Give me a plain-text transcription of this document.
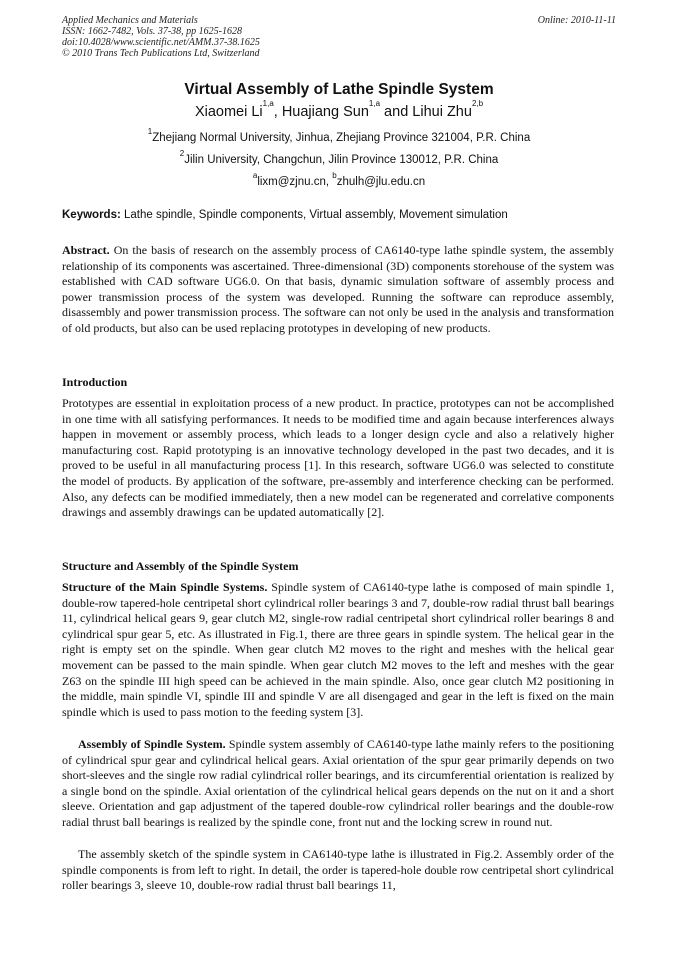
Applied Mechanics and Materials
ISSN: 1662-7482, Vols. 37-38, pp 1625-1628
doi:10.4028/www.scientific.net/AMM.37-38.1625
© 2010 Trans Tech Publications Ltd, Switzerland
Online: 2010-11-11
Virtual Assembly of Lathe Spindle System
Xiaomei Li$^{1,a}$, Huajiang Sun$^{1,a}$ and Lihui Zhu$^{2,b}$
$^1$Zhejiang Normal University, Jinhua, Zhejiang Province 321004, P.R. China
$^2$Jilin University, Changchun, Jilin Province 130012, P.R. China
$^a$lixm@zjnu.cn, $^b$zhulh@jlu.edu.cn
Keywords: Lathe spindle, Spindle components, Virtual assembly, Movement simulation
Abstract. On the basis of research on the assembly process of CA6140-type lathe spindle system, the assembly relationship of its components was ascertained. Three-dimensional (3D) components storehouse of the system was established with CAD software UG6.0. On that basis, dynamic simulation software of assembly process and power transmission process of the system was developed. Running the software can reproduce assembly, disassembly and power transmission process. The software can not only be used in the analysis and transformation of old products, but also can be used replacing prototypes in developing of new products.
Introduction
Prototypes are essential in exploitation process of a new product. In practice, prototypes can not be accomplished in one time with all satisfying performances. It needs to be modified time and again because interferences always happen in movement or assembly process, which leads to a longer design cycle and also a relatively higher manufacturing cost. Rapid prototyping is an innovative technology developed in the past two decades, and it is proved to be useful in all manufacturing process [1]. In this research, software UG6.0 was selected to constitute the model of products. By application of the software, pre-assembly and interference checking can be performed. Also, any defects can be modified immediately, then a new model can be regenerated and correlative components drawings and assembly drawings can be updated automatically [2].
Structure and Assembly of the Spindle System
Structure of the Main Spindle Systems. Spindle system of CA6140-type lathe is composed of main spindle 1, double-row tapered-hole centripetal short cylindrical roller bearings 3 and 7, double-row radial thrust ball bearings 11, cylindrical helical gears 9, gear clutch M2, single-row radial centripetal short cylindrical roller bearings 8 and cylindrical spur gear 5, etc. As illustrated in Fig.1, there are three gears in spindle system. The helical gear in the right is empty set on the spindle. When gear clutch M2 moves to the right and meshes with the helical gear movement can be passed to the main spindle. When gear clutch M2 moves to the left and meshes with the gear Z63 on the spindle III high speed can be achieved in the main spindle. Also, once gear clutch M2 positioning in the middle, main spindle VI, spindle III and spindle V are all disengaged and gear in the left is fixed on the main spindle which is used to pass motion to the feeding system [3].
Assembly of Spindle System. Spindle system assembly of CA6140-type lathe mainly refers to the positioning of cylindrical spur gear and cylindrical helical gears. Axial orientation of the spur gear primarily depends on two short-sleeves and the single row radial cylindrical roller bearings, and its circumferential orientation is realized by a single bond on the spindle. Axial orientation of the cylindrical helical gears depends on the nut on it and a short sleeve. Orientation and gap adjustment of the tapered double-row cylindrical roller bearings and the double-row radial thrust ball bearings is realized by the spindle cone, front nut and the locking screw in round nut.
The assembly sketch of the spindle system in CA6140-type lathe is illustrated in Fig.2. Assembly order of the spindle components is from left to right. In detail, the order is tapered-hole double row centripetal short cylindrical roller bearings 3, sleeve 10, double-row radial thrust ball bearings 11,
